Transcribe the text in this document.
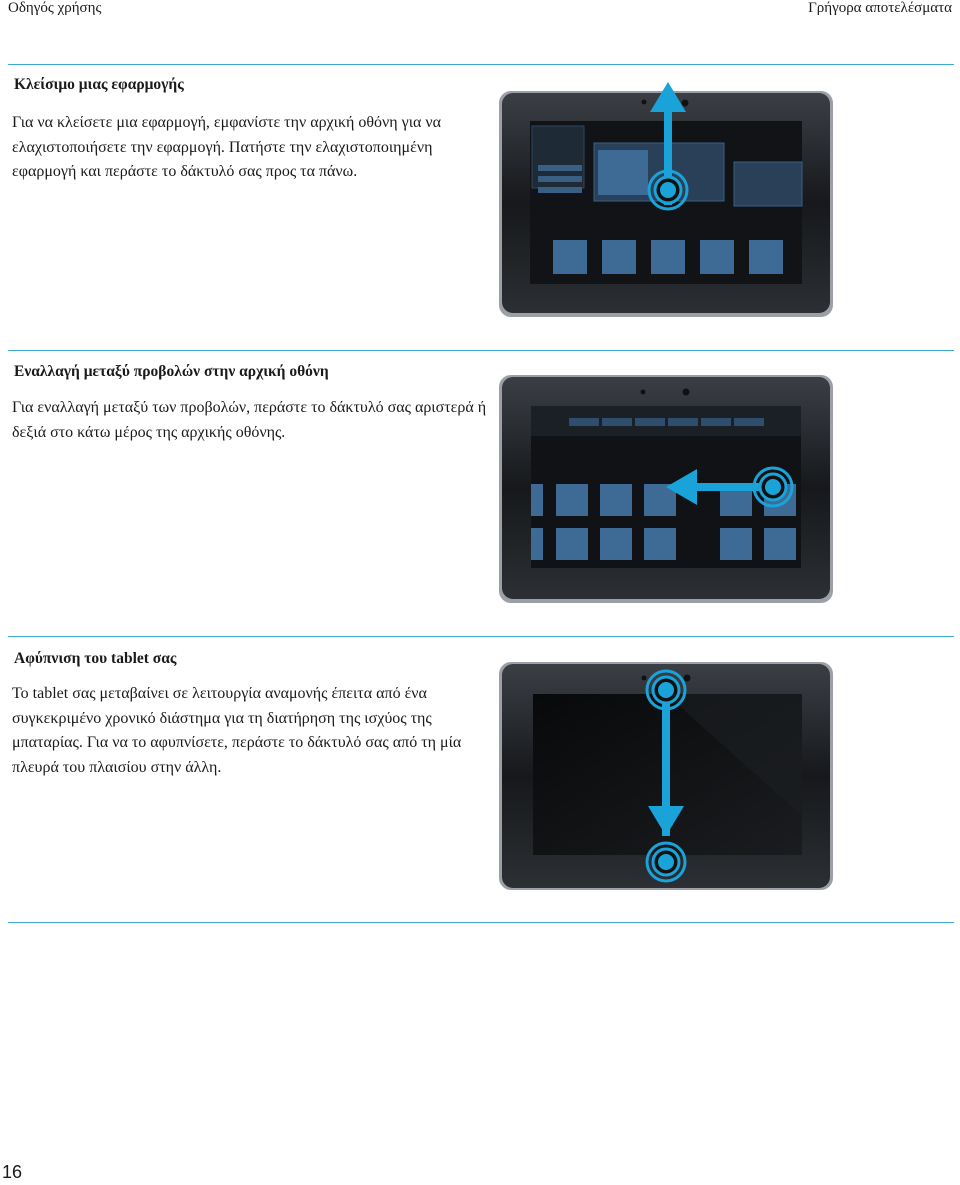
Οδηγός χρήσης	Γρήγορα αποτελέσματα
Κλείσιμο μιας εφαρμογής
Για να κλείσετε μια εφαρμογή, εμφανίστε την αρχική οθόνη για να ελαχιστοποιήσετε την εφαρμογή. Πατήστε την ελαχιστοποιημένη εφαρμογή και περάστε το δάκτυλό σας προς τα πάνω.
Εναλλαγή μεταξύ προβολών στην αρχική οθόνη
Για εναλλαγή μεταξύ των προβολών, περάστε το δάκτυλό σας αριστερά ή δεξιά στο κάτω μέρος της αρχικής οθόνης.
Αφύπνιση του tablet σας
Το tablet σας μεταβαίνει σε λειτουργία αναμονής έπειτα από ένα συγκεκριμένο χρονικό διάστημα για τη διατήρηση της ισχύος της μπαταρίας. Για να το αφυπνίσετε, περάστε το δάκτυλό σας από τη μία πλευρά του πλαισίου στην άλλη.
16
